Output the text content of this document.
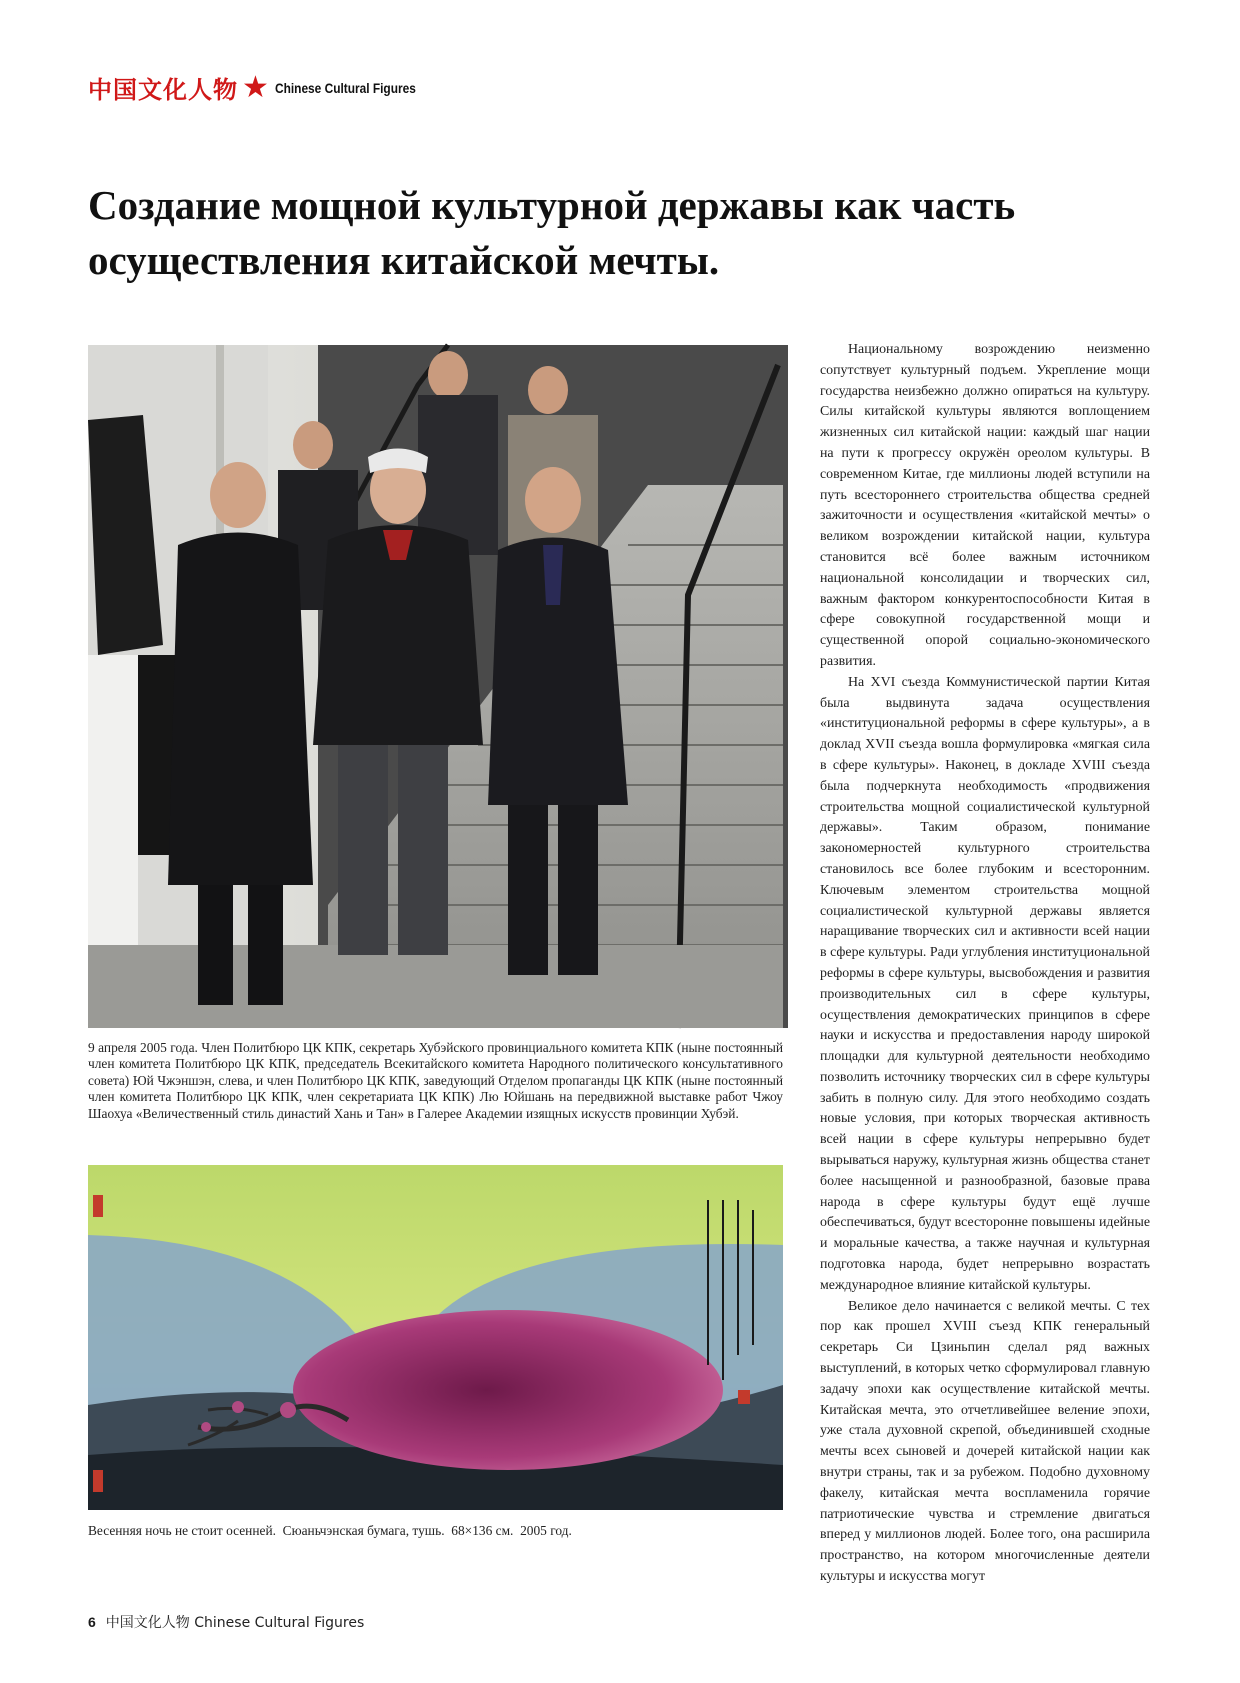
中国文化人物 ★ Chinese Cultural Figures
Создание мощной культурной державы как часть осуществления китайской мечты.

9 апреля 2005 года. Член Политбюро ЦК КПК, секретарь Хубэйского провинциального комитета КПК (ныне постоянный член комитета Политбюро ЦК КПК, председатель Всекитайского комитета Народного политического консультативного совета) Юй Чжэншэн, слева, и член Политбюро ЦК КПК, заведующий Отделом пропаганды ЦК КПК (ныне постоянный член комитета Политбюро ЦК КПК, член секретариата ЦК КПК) Лю Юйшань на передвижной выставке работ Чжоу Шаохуа «Величественный стиль династий Хань и Тан» в Галерее Академии изящных искусств провинции Хубэй.

Весенняя ночь не стоит осенней.  Сюаньчэнская бумага, тушь.  68×136 см.  2005 год.

Национальному возрождению неизменно сопутствует культурный подъем. Укрепление мощи государства неизбежно должно опираться на культуру. Силы китайской культуры являются воплощением жизненных сил китайской нации: каждый шаг нации на пути к прогрессу окружён ореолом культуры. В современном Китае, где миллионы людей вступили на путь всестороннего строительства общества средней зажиточности и осуществления «китайской мечты» о великом возрождении китайской нации, культура становится всё более важным источником национальной консолидации и творческих сил, важным фактором конкурентоспособности Китая в сфере совокупной государственной мощи и существенной опорой социально-экономического развития.

На XVI съезда Коммунистической партии Китая была выдвинута задача осуществления «институциональной реформы в сфере культуры», а в доклад XVII съезда вошла формулировка «мягкая сила в сфере культуры». Наконец, в докладе XVIII съезда была подчеркнута необходимость «продвижения строительства мощной социалистической культурной державы». Таким образом, понимание закономерностей культурного строительства становилось все более глубоким и всесторонним. Ключевым элементом строительства мощной социалистической культурной державы является наращивание творческих сил и активности всей нации в сфере культуры. Ради углубления институциональной реформы в сфере культуры, высвобождения и развития производительных сил в сфере культуры, осуществления демократических принципов в сфере науки и искусства и предоставления народу широкой площадки для культурной деятельности необходимо позволить источнику творческих сил в сфере культуры забить в полную силу. Для этого необходимо создать новые условия, при которых творческая активность всей нации в сфере культуры непрерывно будет вырываться наружу, культурная жизнь общества станет более насыщенной и разнообразной, базовые права народа в сфере культуры будут ещё лучше обеспечиваться, будут всесторонне повышены идейные и моральные качества, а также научная и культурная подготовка народа, будет непрерывно возрастать международное влияние китайской культуры.

Великое дело начинается с великой мечты. С тех пор как прошел XVIII съезд КПК генеральный секретарь Си Цзиньпин сделал ряд важных выступлений, в которых четко сформулировал главную задачу эпохи как осуществление китайской мечты. Китайская мечта, это отчетливейшее веление эпохи, уже стала духовной скрепой, объединившей сходные мечты всех сыновей и дочерей китайской нации как внутри страны, так и за рубежом. Подобно духовному факелу, китайская мечта воспламенила горячие патриотические чувства и стремление двигаться вперед у миллионов людей. Более того, она расширила пространство, на котором многочисленные деятели культуры и искусства могут

6 中国文化人物 Chinese Cultural Figures
